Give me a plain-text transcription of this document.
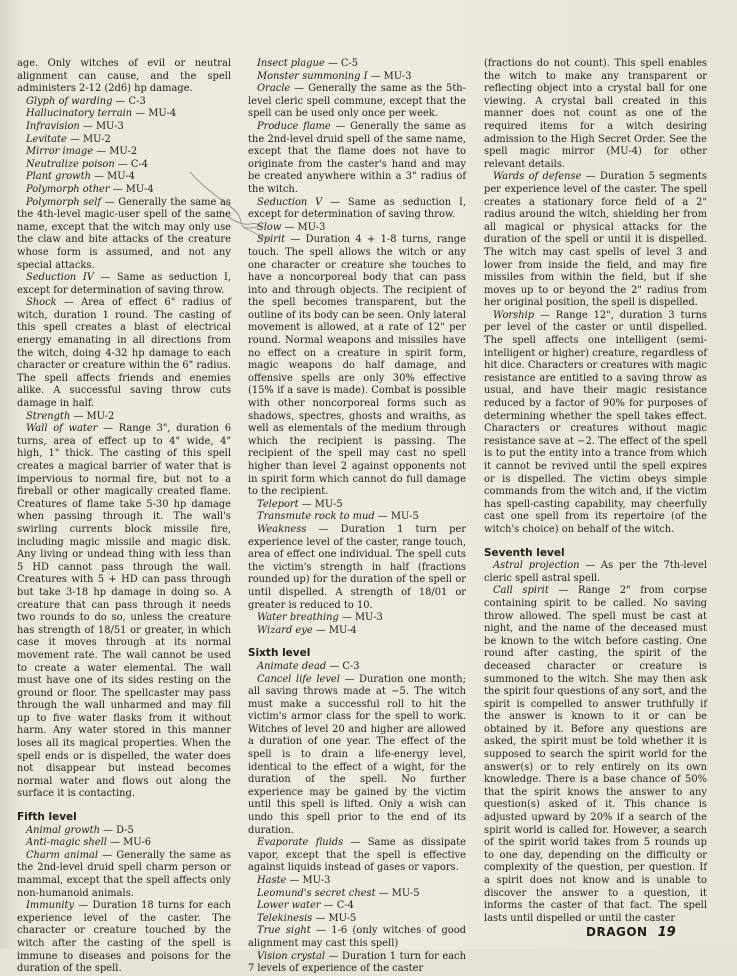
age. Only witches of evil or neutral alignment can cause, and the spell administers 2-12 (2d6) hp damage.

Glyph of warding — C-3

Hallucinatory terrain — MU-4

Infravision — MU-3

Levitate — MU-2

Mirror image — MU-2

Neutralize poison — C-4

Plant growth — MU-4

Polymorph other — MU-4

Polymorph self — Generally the same as the 4th-level magic-user spell of the same name, except that the witch may only use the claw and bite attacks of the creature whose form is assumed, and not any special attacks.

Seduction IV — Same as seduction I, except for determination of saving throw.

Shock — Area of effect 6" radius of witch, duration 1 round. The casting of this spell creates a blast of electrical energy emanating in all directions from the witch, doing 4-32 hp damage to each character or creature within the 6" radius. The spell affects friends and enemies alike. A successful saving throw cuts damage in half.

Strength — MU-2

Wall of water — Range 3", duration 6 turns, area of effect up to 4" wide, 4" high, 1" thick. The casting of this spell creates a magical barrier of water that is impervious to normal fire, but not to a fireball or other magically created flame. Creatures of flame take 5-30 hp damage when passing through it. The wall's swirling currents block missile fire, including magic missile and magic disk. Any living or undead thing with less than 5 HD cannot pass through the wall. Creatures with 5 + HD can pass through but take 3-18 hp damage in doing so. A creature that can pass through it needs two rounds to do so, unless the creature has strength of 18/51 or greater, in which case it moves through at its normal movement rate. The wall cannot be used to create a water elemental. The wall must have one of its sides resting on the ground or floor. The spellcaster may pass through the wall unharmed and may fill up to five water flasks from it without harm. Any water stored in this manner loses all its magical properties. When the spell ends or is dispelled, the water does not disappear but instead becomes normal water and flows out along the surface it is contacting.

Fifth level

Animal growth — D-5

Anti-magic shell — MU-6

Charm animal — Generally the same as the 2nd-level druid spell charm person or mammal, except that the spell affects only non-humanoid animals.

Immunity — Duration 18 turns for each experience level of the caster. The character or creature touched by the witch after the casting of the spell is immune to diseases and poisons for the duration of the spell.

Insect plague — C-5

Monster summoning I — MU-3

Oracle — Generally the same as the 5th-level cleric spell commune, except that the spell can be used only once per week.

Produce flame — Generally the same as the 2nd-level druid spell of the same name, except that the flame does not have to originate from the caster's hand and may be created anywhere within a 3" radius of the witch.

Seduction V — Same as seduction I, except for determination of saving throw.

Slow — MU-3

Spirit — Duration 4 + 1-8 turns, range touch. The spell allows the witch or any one character or creature she touches to have a noncorporeal body that can pass into and through objects. The recipient of the spell becomes transparent, but the outline of its body can be seen. Only lateral movement is allowed, at a rate of 12" per round. Normal weapons and missiles have no effect on a creature in spirit form, magic weapons do half damage, and offensive spells are only 30% effective (15% if a save is made). Combat is possible with other noncorporeal forms such as shadows, spectres, ghosts and wraiths, as well as elementals of the medium through which the recipient is passing. The recipient of the spell may cast no spell higher than level 2 against opponents not in spirit form which cannot do full damage to the recipient.

Teleport — MU-5

Transmute rock to mud — MU-5

Weakness — Duration 1 turn per experience level of the caster, range touch, area of effect one individual. The spell cuts the victim's strength in half (fractions rounded up) for the duration of the spell or until dispelled. A strength of 18/01 or greater is reduced to 10.

Water breathing — MU-3

Wizard eye — MU-4

Sixth level

Animate dead — C-3

Cancel life level — Duration one month; all saving throws made at −5. The witch must make a successful roll to hit the victim's armor class for the spell to work. Witches of level 20 and higher are allowed a duration of one year. The effect of the spell is to drain a life-energy level, identical to the effect of a wight, for the duration of the spell. No further experience may be gained by the victim until this spell is lifted. Only a wish can undo this spell prior to the end of its duration.

Evaporate fluids — Same as dissipate vapor, except that the spell is effective against liquids instead of gases or vapors.

Haste — MU-3

Leomund's secret chest — MU-5

Lower water — C-4

Telekinesis — MU-5

True sight — 1-6 (only witches of good alignment may cast this spell)

Vision crystal — Duration 1 turn for each 7 levels of experience of the caster

(fractions do not count). This spell enables the witch to make any transparent or reflecting object into a crystal ball for one viewing. A crystal ball created in this manner does not count as one of the required items for a witch desiring admission to the High Secret Order. See the spell magic mirror (MU-4) for other relevant details.

Wards of defense — Duration 5 segments per experience level of the caster. The spell creates a stationary force field of a 2" radius around the witch, shielding her from all magical or physical attacks for the duration of the spell or until it is dispelled. The witch may cast spells of level 3 and lower from inside the field, and may fire missiles from within the field, but if she moves up to or beyond the 2" radius from her original position, the spell is dispelled.

Worship — Range 12", duration 3 turns per level of the caster or until dispelled. The spell affects one intelligent (semi-intelligent or higher) creature, regardless of hit dice. Characters or creatures with magic resistance are entitled to a saving throw as usual, and have their magic resistance reduced by a factor of 90% for purposes of determining whether the spell takes effect. Characters or creatures without magic resistance save at −2. The effect of the spell is to put the entity into a trance from which it cannot be revived until the spell expires or is dispelled. The victim obeys simple commands from the witch and, if the victim has spell-casting capability, may cheerfully cast one spell from its repertoire (of the witch's choice) on behalf of the witch.

Seventh level

Astral projection — As per the 7th-level cleric spell astral spell.

Call spirit — Range 2" from corpse containing spirit to be called. No saving throw allowed. The spell must be cast at night, and the name of the deceased must be known to the witch before casting. One round after casting, the spirit of the deceased character or creature is summoned to the witch. She may then ask the spirit four questions of any sort, and the spirit is compelled to answer truthfully if the answer is known to it or can be obtained by it. Before any questions are asked, the spirit must be told whether it is supposed to search the spirit world for the answer(s) or to rely entirely on its own knowledge. There is a base chance of 50% that the spirit knows the answer to any question(s) asked of it. This chance is adjusted upward by 20% if a search of the spirit world is called for. However, a search of the spirit world takes from 5 rounds up to one day, depending on the difficulty or complexity of the question, per question. If a spirit does not know and is unable to discover the answer to a question, it informs the caster of that fact. The spell lasts until dispelled or until the caster

DRAGON 19
